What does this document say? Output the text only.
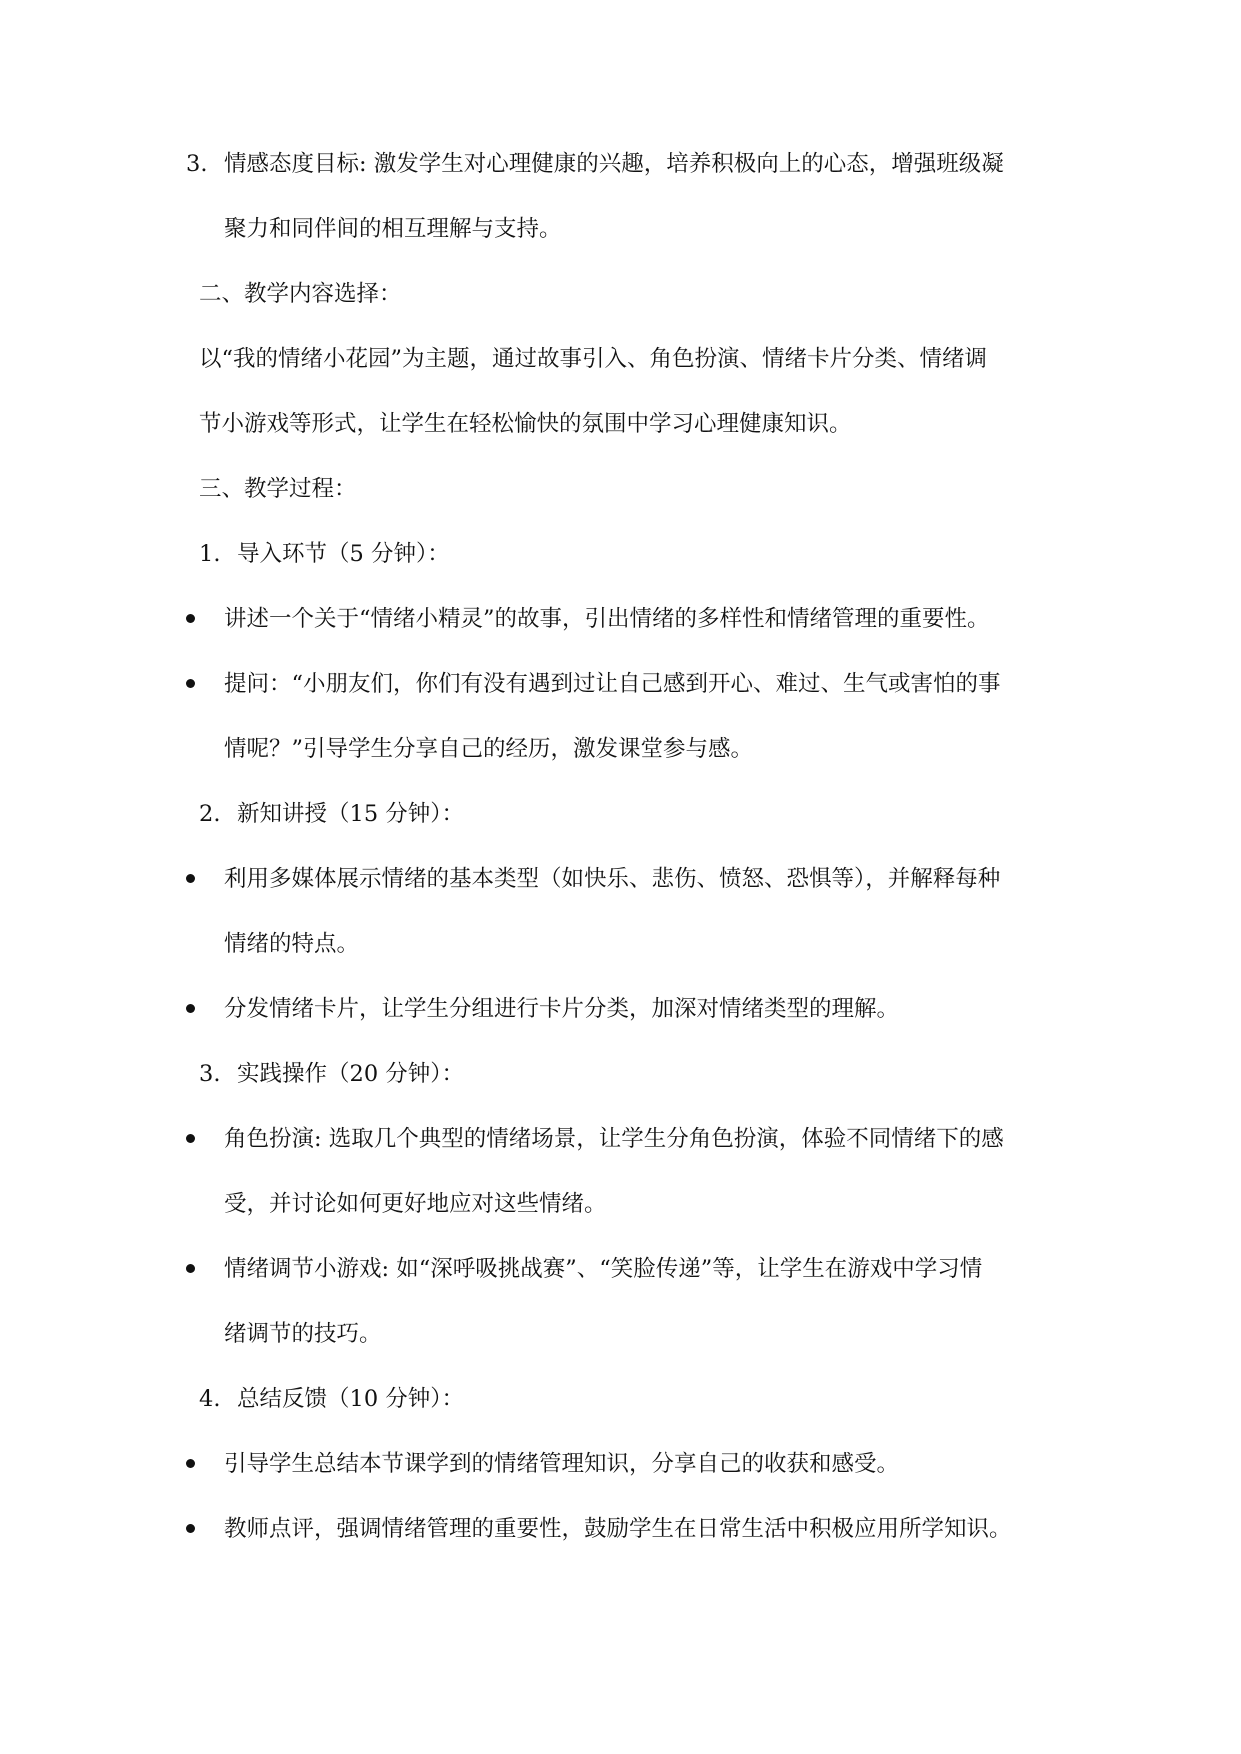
3. 情感态度目标: 激发学生对心理健康的兴趣，培养积极向上的心态，增强班级凝

聚力和同伴间的相互理解与支持。

二、教学内容选择：

以“我的情绪小花园”为主题，通过故事引入、角色扮演、情绪卡片分类、情绪调

节小游戏等形式，让学生在轻松愉快的氛围中学习心理健康知识。

三、教学过程：

1. 导入环节（5 分钟）：

讲述一个关于“情绪小精灵”的故事，引出情绪的多样性和情绪管理的重要性。

提问：“小朋友们，你们有没有遇到过让自己感到开心、难过、生气或害怕的事

情呢？”引导学生分享自己的经历，激发课堂参与感。

2. 新知讲授（15 分钟）：

利用多媒体展示情绪的基本类型（如快乐、悲伤、愤怒、恐惧等），并解释每种

情绪的特点。

分发情绪卡片，让学生分组进行卡片分类，加深对情绪类型的理解。

3. 实践操作（20 分钟）：

角色扮演: 选取几个典型的情绪场景，让学生分角色扮演，体验不同情绪下的感

受，并讨论如何更好地应对这些情绪。

情绪调节小游戏: 如“深呼吸挑战赛”、“笑脸传递”等，让学生在游戏中学习情

绪调节的技巧。

4. 总结反馈（10 分钟）：

引导学生总结本节课学到的情绪管理知识，分享自己的收获和感受。

教师点评，强调情绪管理的重要性，鼓励学生在日常生活中积极应用所学知识。
